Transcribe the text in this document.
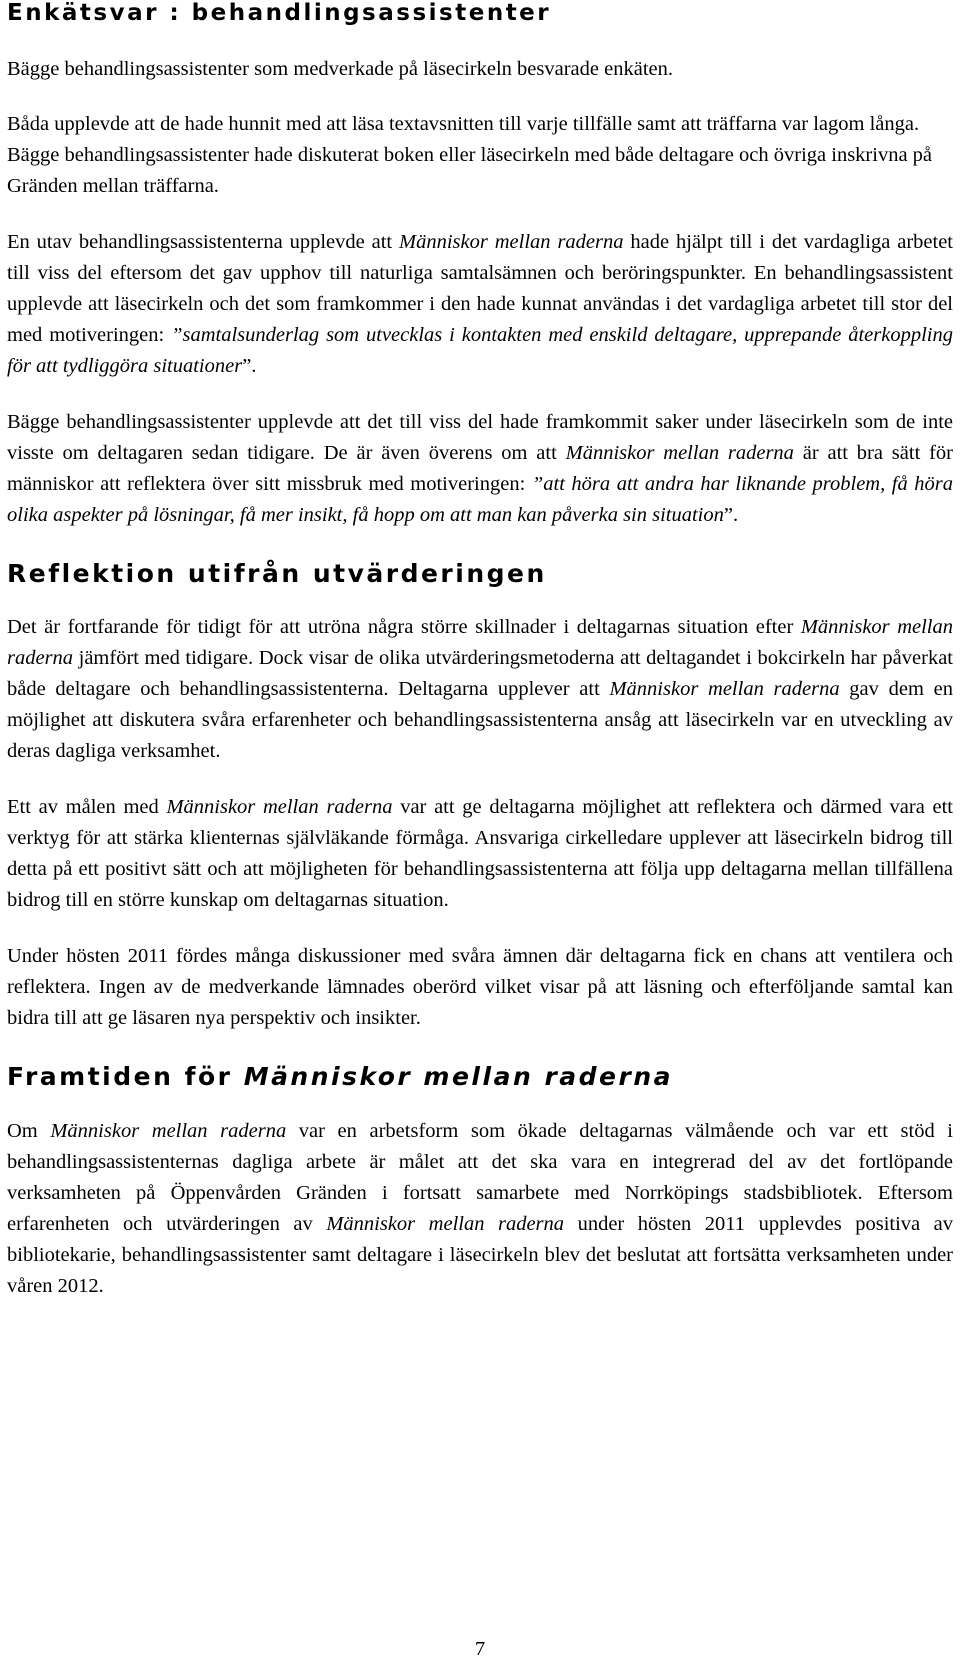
Enkätsvar : behandlingsassistenter

Bägge behandlingsassistenter som medverkade på läsecirkeln besvarade enkäten.

Båda upplevde att de hade hunnit med att läsa textavsnitten till varje tillfälle samt att träffarna var lagom långa. Bägge behandlingsassistenter hade diskuterat boken eller läsecirkeln med både deltagare och övriga inskrivna på Gränden mellan träffarna.

En utav behandlingsassistenterna upplevde att Människor mellan raderna hade hjälpt till i det vardagliga arbetet till viss del eftersom det gav upphov till naturliga samtalsämnen och beröringspunkter. En behandlingsassistent upplevde att läsecirkeln och det som framkommer i den hade kunnat användas i det vardagliga arbetet till stor del med motiveringen: ”samtalsunderlag som utvecklas i kontakten med enskild deltagare, upprepande återkoppling för att tydliggöra situationer”.

Bägge behandlingsassistenter upplevde att det till viss del hade framkommit saker under läsecirkeln som de inte visste om deltagaren sedan tidigare. De är även överens om att Människor mellan raderna är att bra sätt för människor att reflektera över sitt missbruk med motiveringen: ”att höra att andra har liknande problem, få höra olika aspekter på lösningar, få mer insikt, få hopp om att man kan påverka sin situation”.

Reflektion utifrån utvärderingen

Det är fortfarande för tidigt för att utröna några större skillnader i deltagarnas situation efter Människor mellan raderna jämfört med tidigare. Dock visar de olika utvärderingsmetoderna att deltagandet i bokcirkeln har påverkat både deltagare och behandlingsassistenterna. Deltagarna upplever att Människor mellan raderna gav dem en möjlighet att diskutera svåra erfarenheter och behandlingsassistenterna ansåg att läsecirkeln var en utveckling av deras dagliga verksamhet.

Ett av målen med Människor mellan raderna var att ge deltagarna möjlighet att reflektera och därmed vara ett verktyg för att stärka klienternas självläkande förmåga. Ansvariga cirkelledare upplever att läsecirkeln bidrog till detta på ett positivt sätt och att möjligheten för behandlingsassistenterna att följa upp deltagarna mellan tillfällena bidrog till en större kunskap om deltagarnas situation.

Under hösten 2011 fördes många diskussioner med svåra ämnen där deltagarna fick en chans att ventilera och reflektera. Ingen av de medverkande lämnades oberörd vilket visar på att läsning och efterföljande samtal kan bidra till att ge läsaren nya perspektiv och insikter.

Framtiden för Människor mellan raderna

Om Människor mellan raderna var en arbetsform som ökade deltagarnas välmående och var ett stöd i behandlingsassistenternas dagliga arbete är målet att det ska vara en integrerad del av det fortlöpande verksamheten på Öppenvården Gränden i fortsatt samarbete med Norrköpings stadsbibliotek. Eftersom erfarenheten och utvärderingen av Människor mellan raderna under hösten 2011 upplevdes positiva av bibliotekarie, behandlingsassistenter samt deltagare i läsecirkeln blev det beslutat att fortsätta verksamheten under våren 2012.

7
